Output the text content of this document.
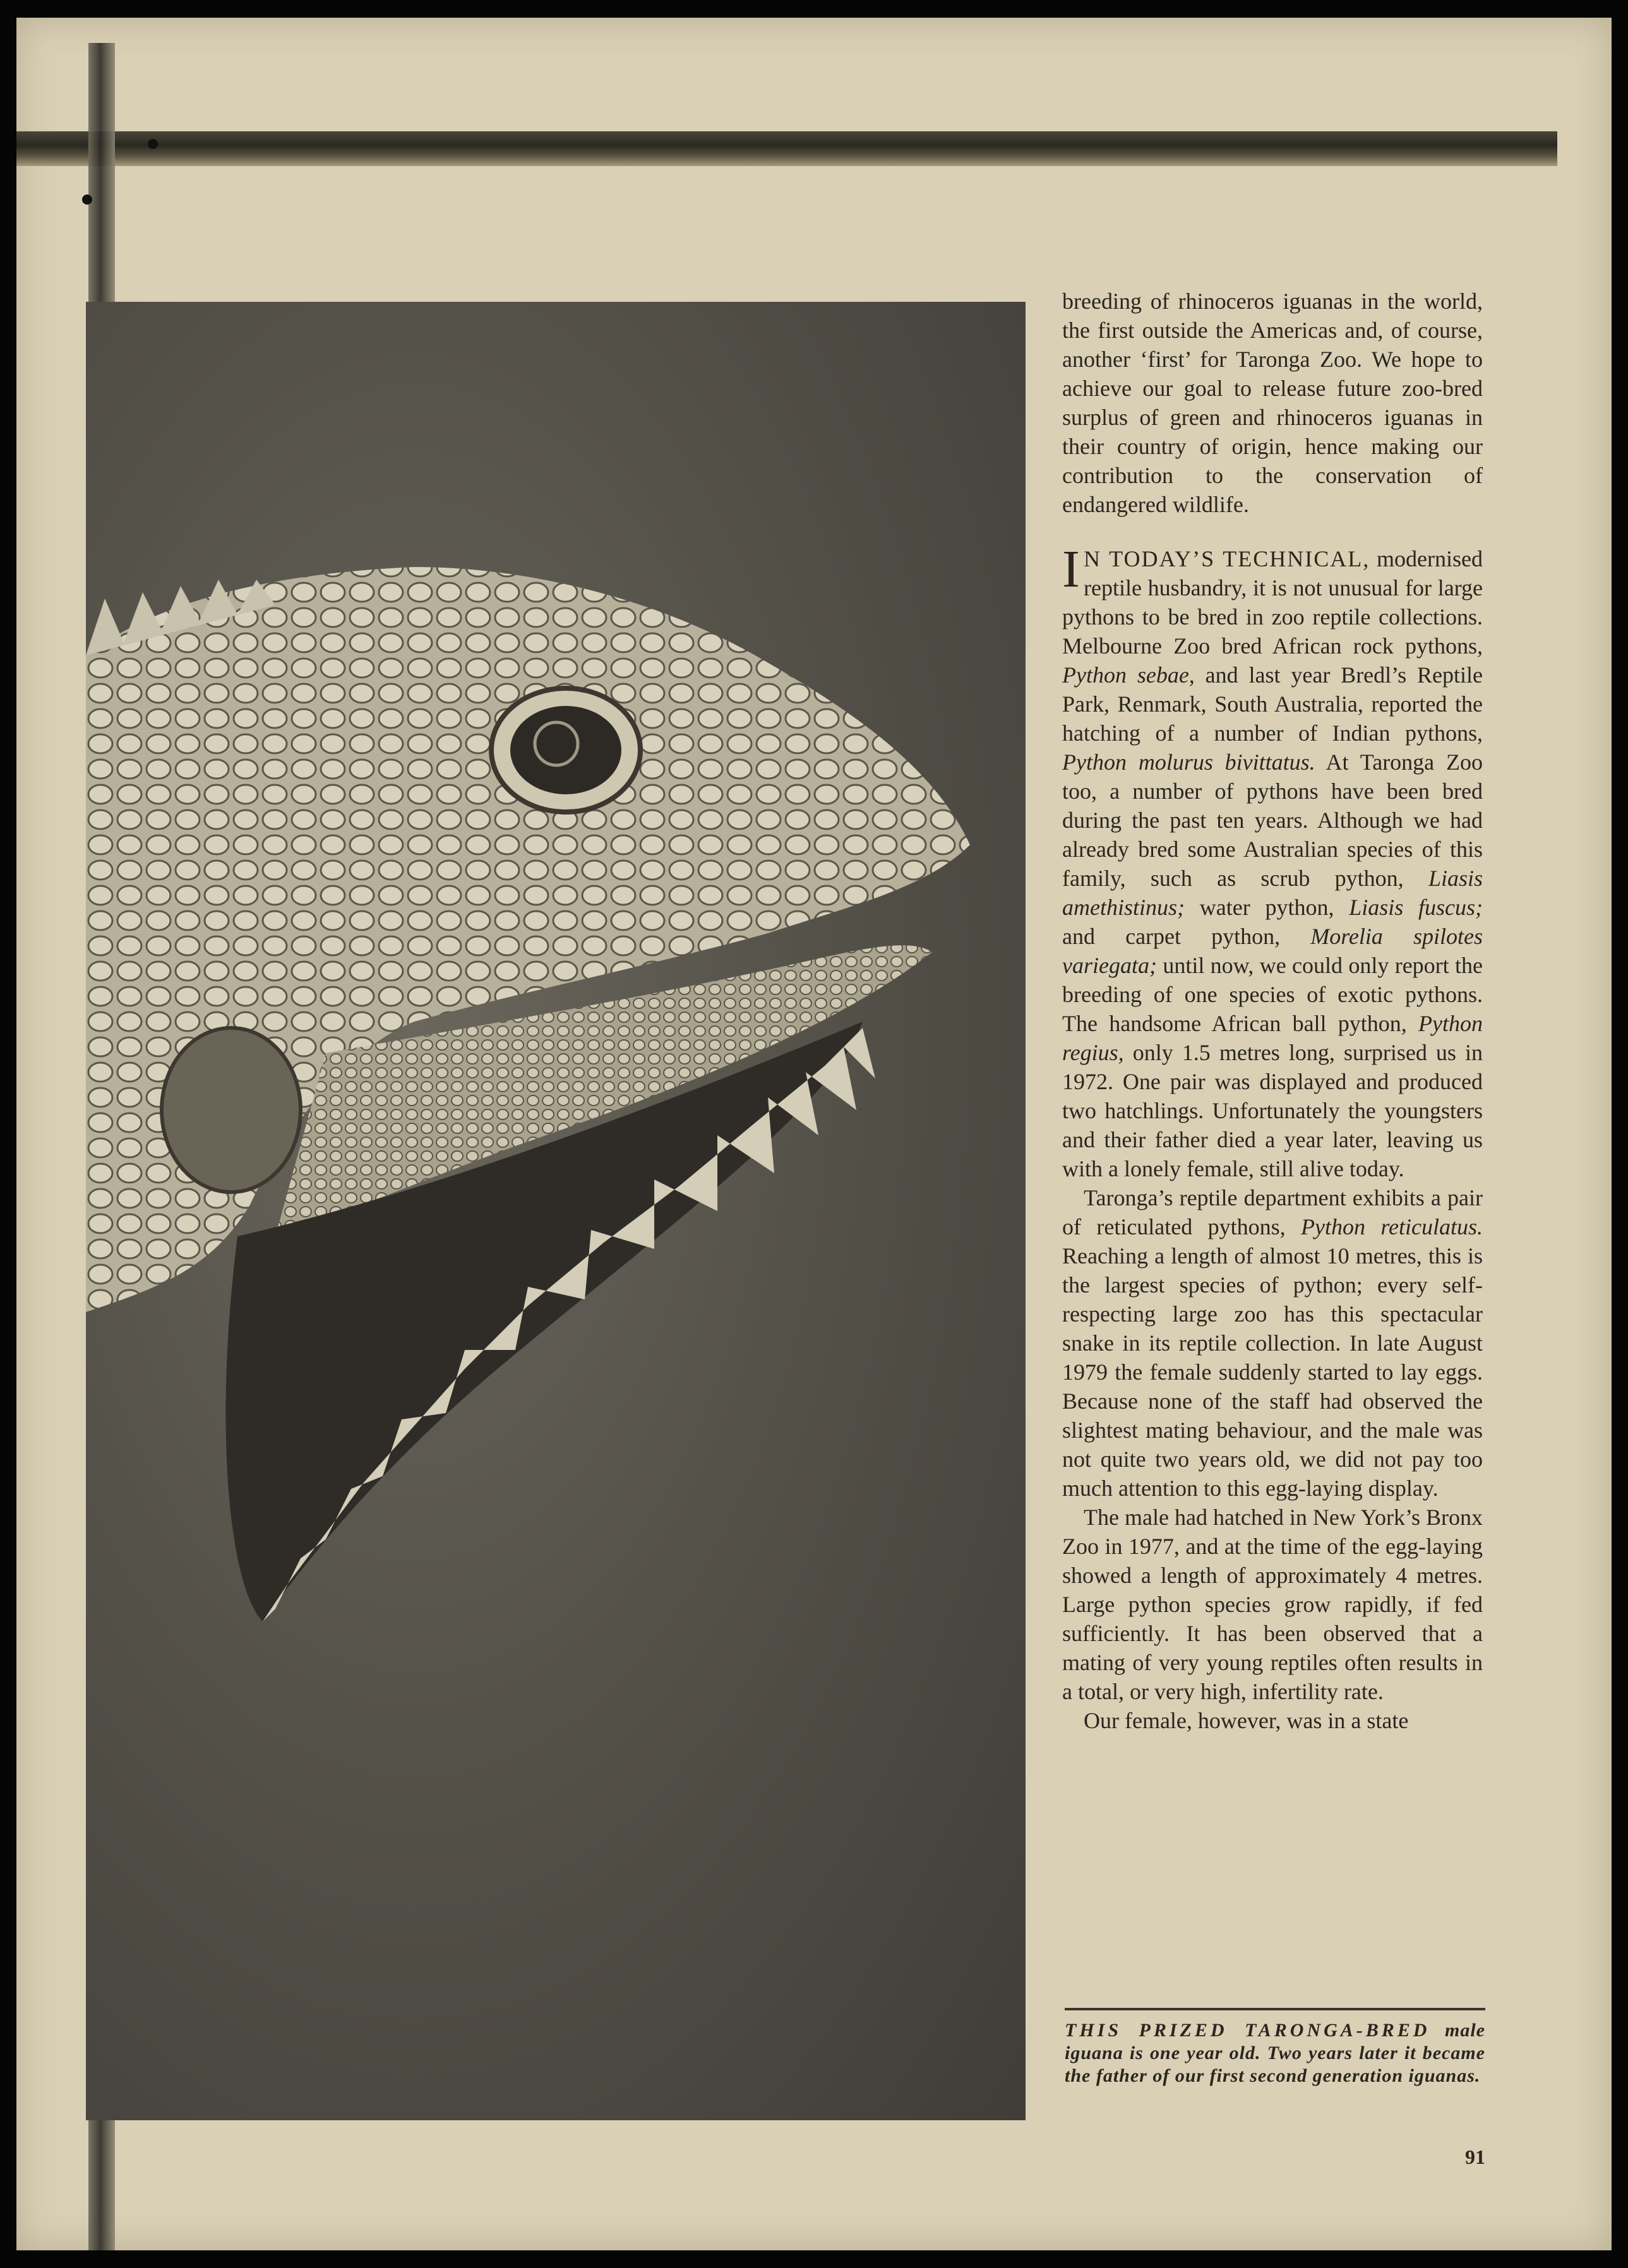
breeding of rhinoceros iguanas in the world, the first outside the Americas and, of course, another ‘first’ for Taronga Zoo. We hope to achieve our goal to release future zoo-bred surplus of green and rhinoceros iguanas in their country of origin, hence making our contribution to the conservation of endangered wildlife.

I N TODAY’S TECHNICAL, modernised reptile husbandry, it is not unusual for large pythons to be bred in zoo reptile collections. Melbourne Zoo bred African rock pythons, Python sebae, and last year Bredl’s Reptile Park, Renmark, South Australia, reported the hatching of a number of Indian pythons, Python molurus bivittatus. At Taronga Zoo too, a number of pythons have been bred during the past ten years. Although we had already bred some Australian species of this family, such as scrub python, Liasis amethistinus; water python, Liasis fuscus; and carpet python, Morelia spilotes variegata; until now, we could only report the breeding of one species of exotic pythons. The handsome African ball python, Python regius, only 1.5 metres long, surprised us in 1972. One pair was displayed and produced two hatchlings. Unfortunately the youngsters and their father died a year later, leaving us with a lonely female, still alive today.

Taronga’s reptile department exhibits a pair of reticulated pythons, Python reticulatus. Reaching a length of almost 10 metres, this is the largest species of python; every self-respecting large zoo has this spectacular snake in its reptile collection. In late August 1979 the female suddenly started to lay eggs. Because none of the staff had observed the slightest mating behaviour, and the male was not quite two years old, we did not pay too much attention to this egg-laying display.

The male had hatched in New York’s Bronx Zoo in 1977, and at the time of the egg-laying showed a length of approximately 4 metres. Large python species grow rapidly, if fed sufficiently. It has been observed that a mating of very young reptiles often results in a total, or very high, infertility rate.

Our female, however, was in a state

THIS PRIZED TARONGA-BRED male iguana is one year old. Two years later it became the father of our first second generation iguanas.
91
